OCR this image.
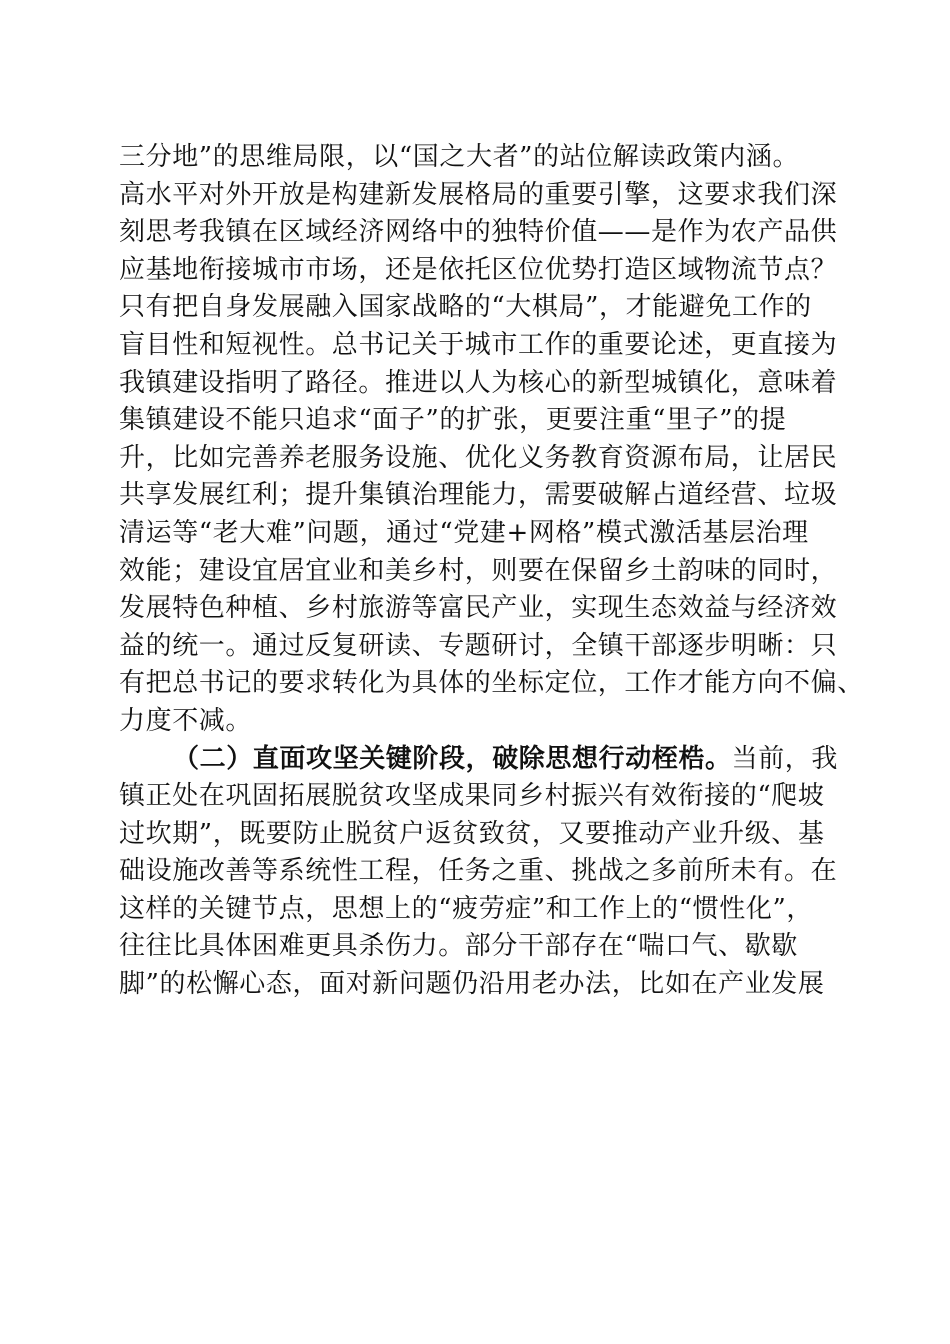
三分地”的思维局限，以“国之大者”的站位解读政策内涵。
高水平对外开放是构建新发展格局的重要引擎，这要求我们深
刻思考我镇在区域经济网络中的独特价值——是作为农产品供
应基地衔接城市市场，还是依托区位优势打造区域物流节点？
只有把自身发展融入国家战略的“大棋局”，才能避免工作的
盲目性和短视性。总书记关于城市工作的重要论述，更直接为
我镇建设指明了路径。推进以人为核心的新型城镇化，意味着
集镇建设不能只追求“面子”的扩张，更要注重“里子”的提
升，比如完善养老服务设施、优化义务教育资源布局，让居民
共享发展红利；提升集镇治理能力，需要破解占道经营、垃圾
清运等“老大难”问题，通过“党建+网格”模式激活基层治理
效能；建设宜居宜业和美乡村，则要在保留乡土韵味的同时，
发展特色种植、乡村旅游等富民产业，实现生态效益与经济效
益的统一。通过反复研读、专题研讨，全镇干部逐步明晰：只
有把总书记的要求转化为具体的坐标定位，工作才能方向不偏、
力度不减。
（二）直面攻坚关键阶段，破除思想行动桎梏。当前，我
镇正处在巩固拓展脱贫攻坚成果同乡村振兴有效衔接的“爬坡
过坎期”，既要防止脱贫户返贫致贫，又要推动产业升级、基
础设施改善等系统性工程，任务之重、挑战之多前所未有。在
这样的关键节点，思想上的“疲劳症”和工作上的“惯性化”，
往往比具体困难更具杀伤力。部分干部存在“喘口气、歇歇
脚”的松懈心态，面对新问题仍沿用老办法，比如在产业发展
